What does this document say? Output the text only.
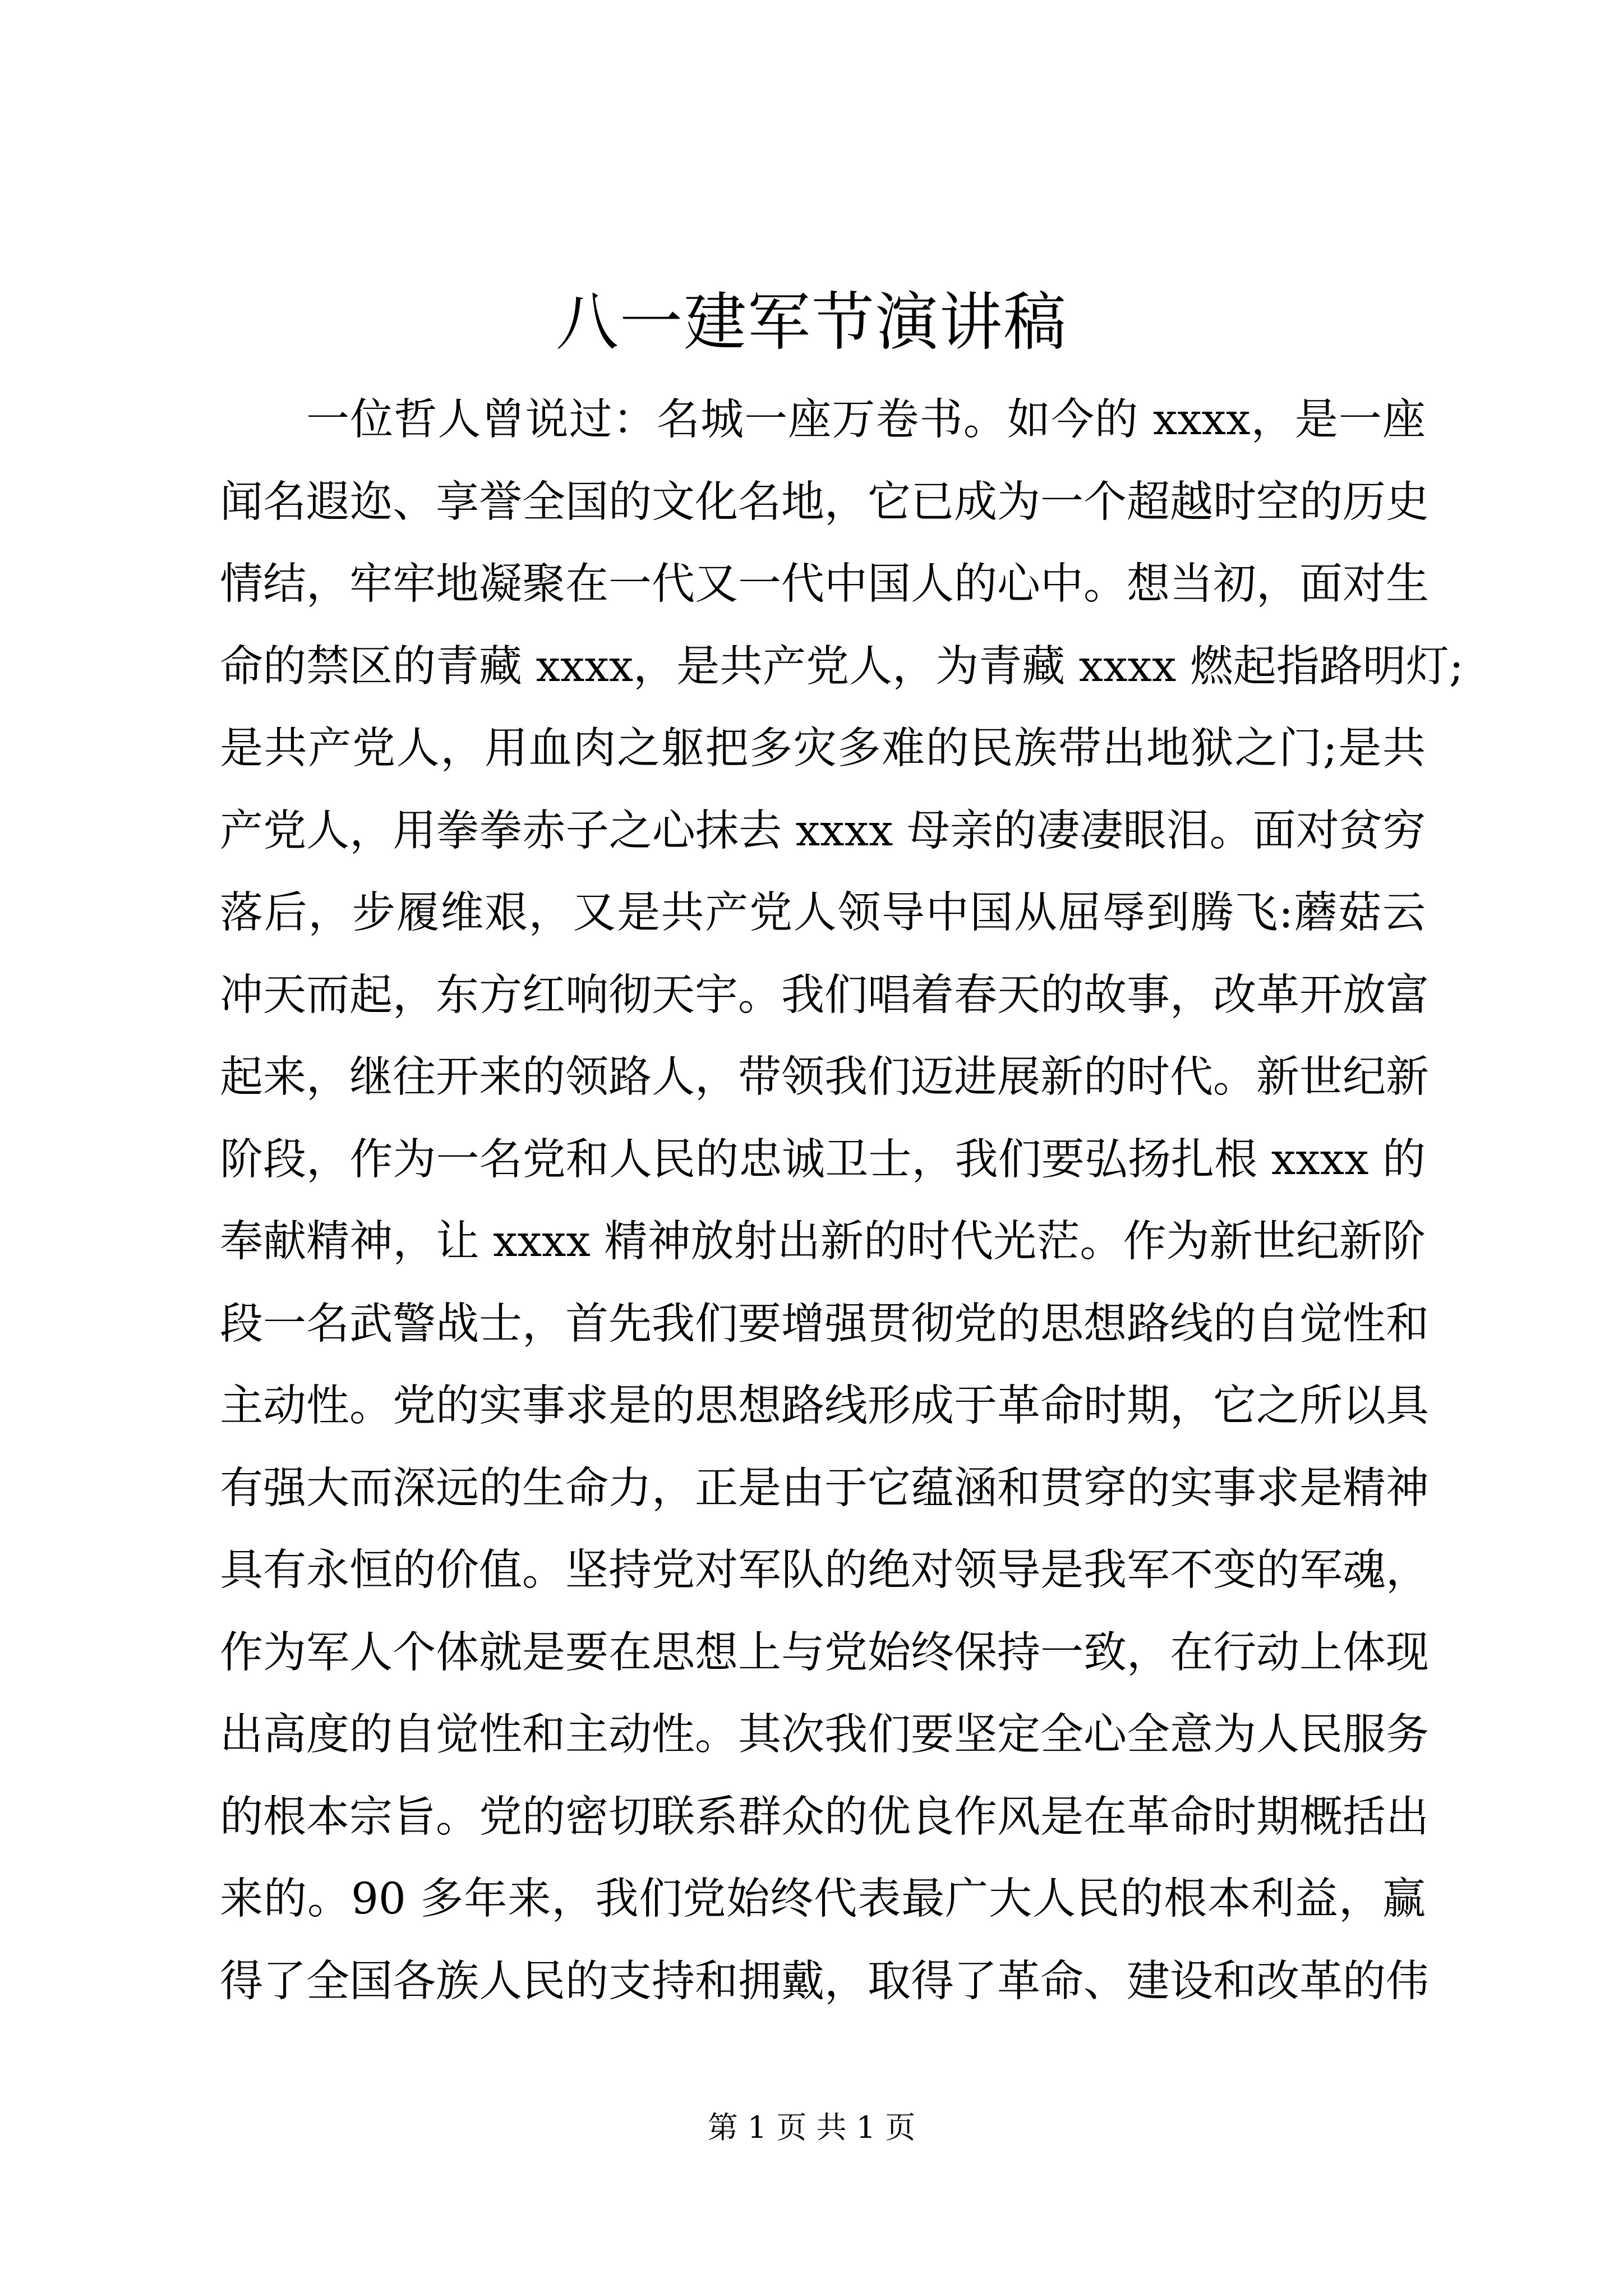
八一建军节演讲稿
一位哲人曾说过：名城一座万卷书。如今的 xxxx，是一座
闻名遐迩、享誉全国的文化名地，它已成为一个超越时空的历史
情结，牢牢地凝聚在一代又一代中国人的心中。想当初，面对生
命的禁区的青藏 xxxx，是共产党人，为青藏 xxxx 燃起指路明灯;
是共产党人，用血肉之躯把多灾多难的民族带出地狱之门;是共
产党人，用拳拳赤子之心抹去 xxxx 母亲的凄凄眼泪。面对贫穷
落后，步履维艰，又是共产党人领导中国从屈辱到腾飞:蘑菇云
冲天而起，东方红响彻天宇。我们唱着春天的故事，改革开放富
起来，继往开来的领路人，带领我们迈进展新的时代。新世纪新
阶段，作为一名党和人民的忠诚卫士，我们要弘扬扎根 xxxx 的
奉献精神，让 xxxx 精神放射出新的时代光茫。作为新世纪新阶
段一名武警战士，首先我们要增强贯彻党的思想路线的自觉性和
主动性。党的实事求是的思想路线形成于革命时期，它之所以具
有强大而深远的生命力，正是由于它蕴涵和贯穿的实事求是精神
具有永恒的价值。坚持党对军队的绝对领导是我军不变的军魂，
作为军人个体就是要在思想上与党始终保持一致，在行动上体现
出高度的自觉性和主动性。其次我们要坚定全心全意为人民服务
的根本宗旨。党的密切联系群众的优良作风是在革命时期概括出
来的。90 多年来，我们党始终代表最广大人民的根本利益，赢
得了全国各族人民的支持和拥戴，取得了革命、建设和改革的伟
第 1 页 共 1 页
